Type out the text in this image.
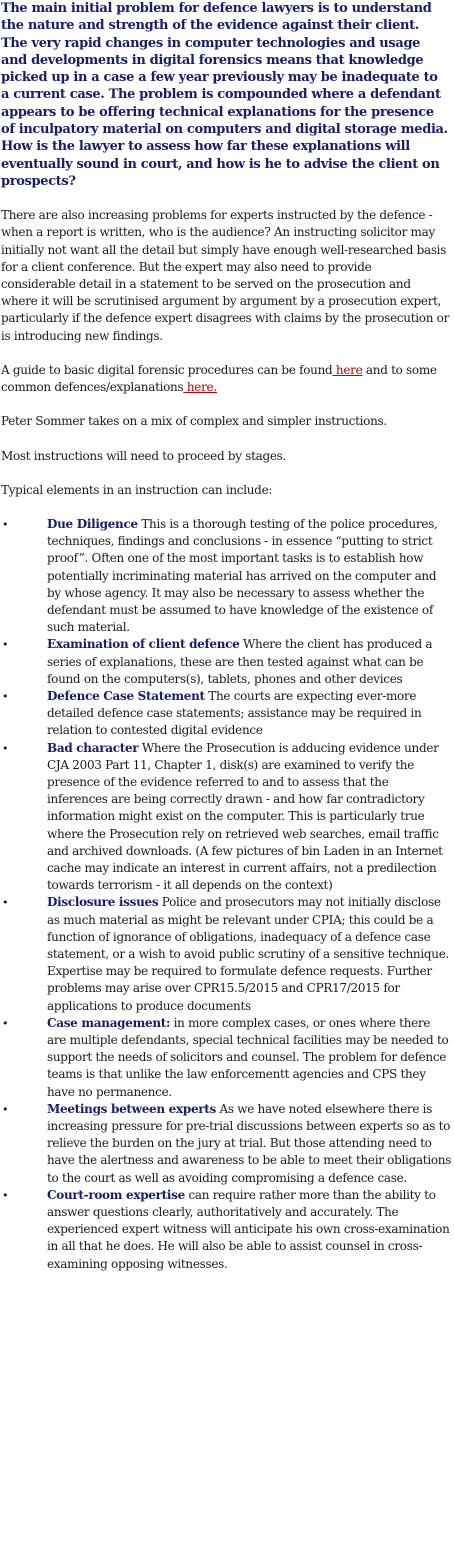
The main initial problem for defence lawyers is to understand the nature and strength of the evidence against their client. The very rapid changes in computer technologies and usage and developments in digital forensics means that knowledge picked up in a case a few year previously may be inadequate to a current case. The problem is compounded where a defendant appears to be offering technical explanations for the presence of inculpatory material on computers and digital storage media. How is the lawyer to assess how far these explanations will eventually sound in court, and how is he to advise the client on prospects?

There are also increasing problems for experts instructed by the defence - when a report is written, who is the audience? An instructing solicitor may initially not want all the detail but simply have enough well-researched basis for a client conference. But the expert may also need to provide considerable detail in a statement to be served on the prosecution and where it will be scrutinised argument by argument by a prosecution expert, particularly if the defence expert disagrees with claims by the prosecution or is introducing new findings.

A guide to basic digital forensic procedures can be found here and to some common defences/explanations here.

Peter Sommer takes on a mix of complex and simpler instructions.

Most instructions will need to proceed by stages.

Typical elements in an instruction can include:

•	Due Diligence This is a thorough testing of the police procedures, techniques, findings and conclusions - in essence “putting to strict proof”. Often one of the most important tasks is to establish how potentially incriminating material has arrived on the computer and by whose agency. It may also be necessary to assess whether the defendant must be assumed to have knowledge of the existence of such material.
•	Examination of client defence Where the client has produced a series of explanations, these are then tested against what can be found on the computers(s), tablets, phones and other devices
•	Defence Case Statement The courts are expecting ever-more detailed defence case statements; assistance may be required in relation to contested digital evidence
•	Bad character Where the Prosecution is adducing evidence under CJA 2003 Part 11, Chapter 1, disk(s) are examined to verify the presence of the evidence referred to and to assess that the inferences are being correctly drawn - and how far contradictory information might exist on the computer. This is particularly true where the Prosecution rely on retrieved web searches, email traffic and archived downloads. (A few pictures of bin Laden in an Internet cache may indicate an interest in current affairs, not a predilection towards terrorism - it all depends on the context)
•	Disclosure issues Police and prosecutors may not initially disclose as much material as might be relevant under CPIA; this could be a function of ignorance of obligations, inadequacy of a defence case statement, or a wish to avoid public scrutiny of a sensitive technique. Expertise may be required to formulate defence requests. Further problems may arise over CPR15.5/2015 and CPR17/2015 for applications to produce documents
•	Case management: in more complex cases, or ones where there are multiple defendants, special technical facilities may be needed to support the needs of solicitors and counsel. The problem for defence teams is that unlike the law enforcementt agencies and CPS they have no permanence.
•	Meetings between experts As we have noted elsewhere there is increasing pressure for pre-trial discussions between experts so as to relieve the burden on the jury at trial. But those attending need to have the alertness and awareness to be able to meet their obligations to the court as well as avoiding compromising a defence case.
•	Court-room expertise can require rather more than the ability to answer questions clearly, authoritatively and accurately. The experienced expert witness will anticipate his own cross-examination in all that he does. He will also be able to assist counsel in cross-examining opposing witnesses.
